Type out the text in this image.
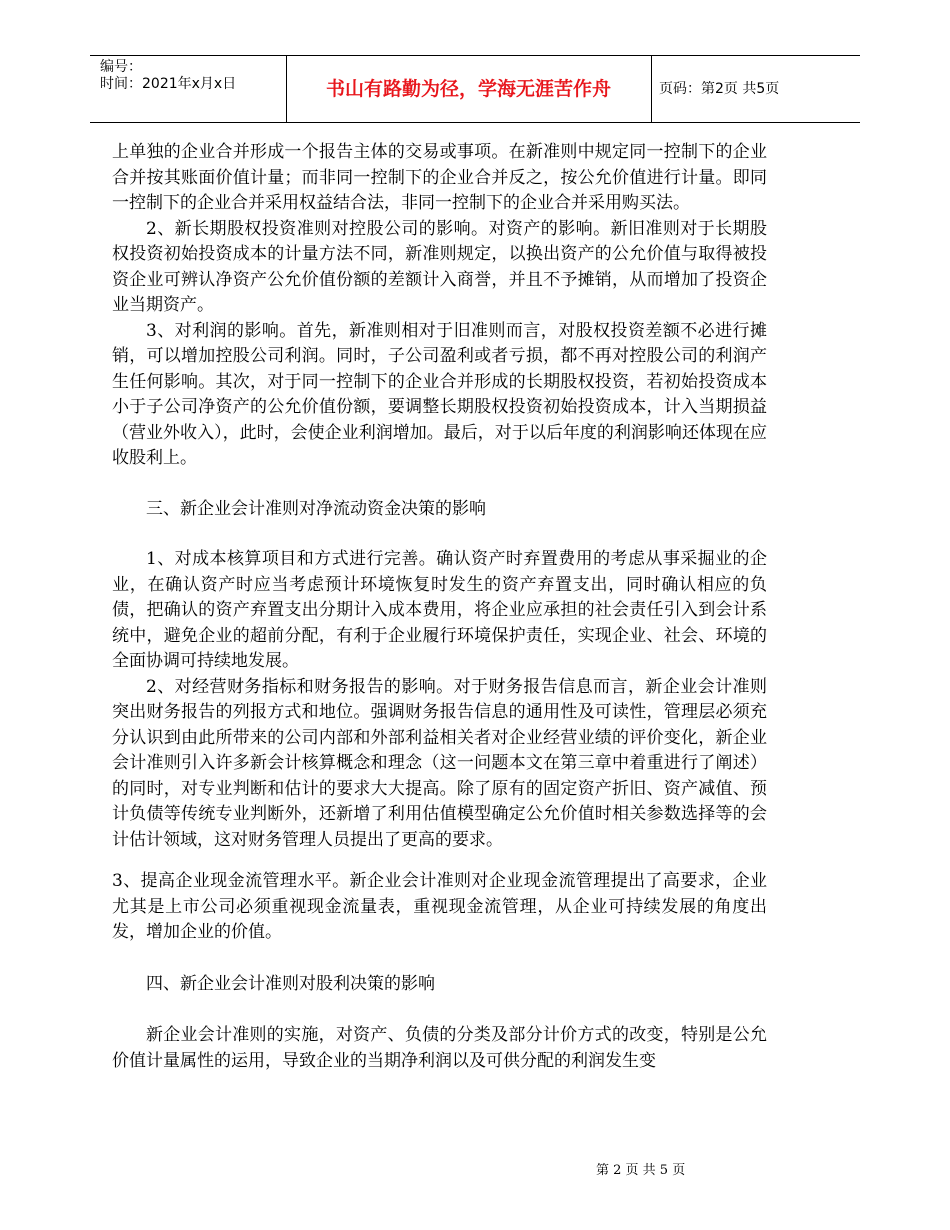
编号：
时间：2021年x月x日	书山有路勤为径，学海无涯苦作舟	页码：第2页 共5页

上单独的企业合并形成一个报告主体的交易或事项。在新准则中规定同一控制下的企业合并按其账面价值计量；而非同一控制下的企业合并反之，按公允价值进行计量。即同一控制下的企业合并采用权益结合法，非同一控制下的企业合并采用购买法。

2、新长期股权投资准则对控股公司的影响。对资产的影响。新旧准则对于长期股权投资初始投资成本的计量方法不同，新准则规定，以换出资产的公允价值与取得被投资企业可辨认净资产公允价值份额的差额计入商誉，并且不予摊销，从而增加了投资企业当期资产。

3、对利润的影响。首先，新准则相对于旧准则而言，对股权投资差额不必进行摊销，可以增加控股公司利润。同时，子公司盈利或者亏损，都不再对控股公司的利润产生任何影响。其次，对于同一控制下的企业合并形成的长期股权投资，若初始投资成本小于子公司净资产的公允价值份额，要调整长期股权投资初始投资成本，计入当期损益（营业外收入），此时，会使企业利润增加。最后，对于以后年度的利润影响还体现在应收股利上。

三、新企业会计准则对净流动资金决策的影响

1、对成本核算项目和方式进行完善。确认资产时弃置费用的考虑从事采掘业的企业，在确认资产时应当考虑预计环境恢复时发生的资产弃置支出，同时确认相应的负债，把确认的资产弃置支出分期计入成本费用，将企业应承担的社会责任引入到会计系统中，避免企业的超前分配，有利于企业履行环境保护责任，实现企业、社会、环境的全面协调可持续地发展。

2、对经营财务指标和财务报告的影响。对于财务报告信息而言，新企业会计准则突出财务报告的列报方式和地位。强调财务报告信息的通用性及可读性，管理层必须充分认识到由此所带来的公司内部和外部利益相关者对企业经营业绩的评价变化，新企业会计准则引入许多新会计核算概念和理念（这一问题本文在第三章中着重进行了阐述）的同时，对专业判断和估计的要求大大提高。除了原有的固定资产折旧、资产减值、预计负债等传统专业判断外，还新增了利用估值模型确定公允价值时相关参数选择等的会计估计领域，这对财务管理人员提出了更高的要求。

3、提高企业现金流管理水平。新企业会计准则对企业现金流管理提出了高要求，企业尤其是上市公司必须重视现金流量表，重视现金流管理，从企业可持续发展的角度出发，增加企业的价值。

四、新企业会计准则对股利决策的影响

新企业会计准则的实施，对资产、负债的分类及部分计价方式的改变，特别是公允价值计量属性的运用，导致企业的当期净利润以及可供分配的利润发生变

第 2 页 共 5 页
